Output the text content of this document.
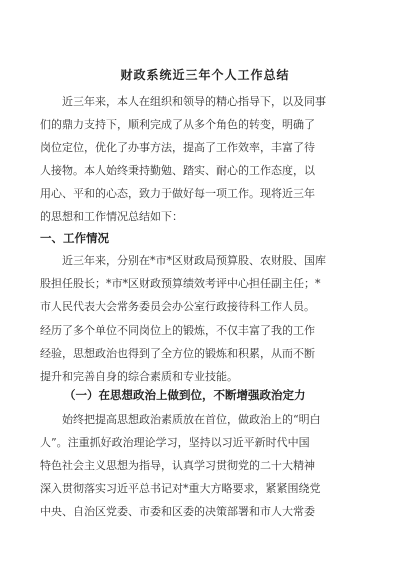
财政系统近三年个人工作总结
近三年来，本人在组织和领导的精心指导下，以及同事
们的鼎力支持下，顺利完成了从多个角色的转变，明确了
岗位定位，优化了办事方法，提高了工作效率，丰富了待
人接物。本人始终秉持勤勉、踏实、耐心的工作态度，以
用心、平和的心态，致力于做好每一项工作。现将近三年
的思想和工作情况总结如下：
一、工作情况
近三年来，分别在*市*区财政局预算股、农财股、国库
股担任股长；*市*区财政预算绩效考评中心担任副主任；*
市人民代表大会常务委员会办公室行政接待科工作人员。
经历了多个单位不同岗位上的锻炼，不仅丰富了我的工作
经验，思想政治也得到了全方位的锻炼和积累，从而不断
提升和完善自身的综合素质和专业技能。
（一）在思想政治上做到位，不断增强政治定力
始终把提高思想政治素质放在首位，做政治上的“明白
人”。注重抓好政治理论学习，坚持以习近平新时代中国
特色社会主义思想为指导，认真学习贯彻党的二十大精神
深入贯彻落实习近平总书记对*重大方略要求，紧紧围绕党
中央、自治区党委、市委和区委的决策部署和市人大常委
